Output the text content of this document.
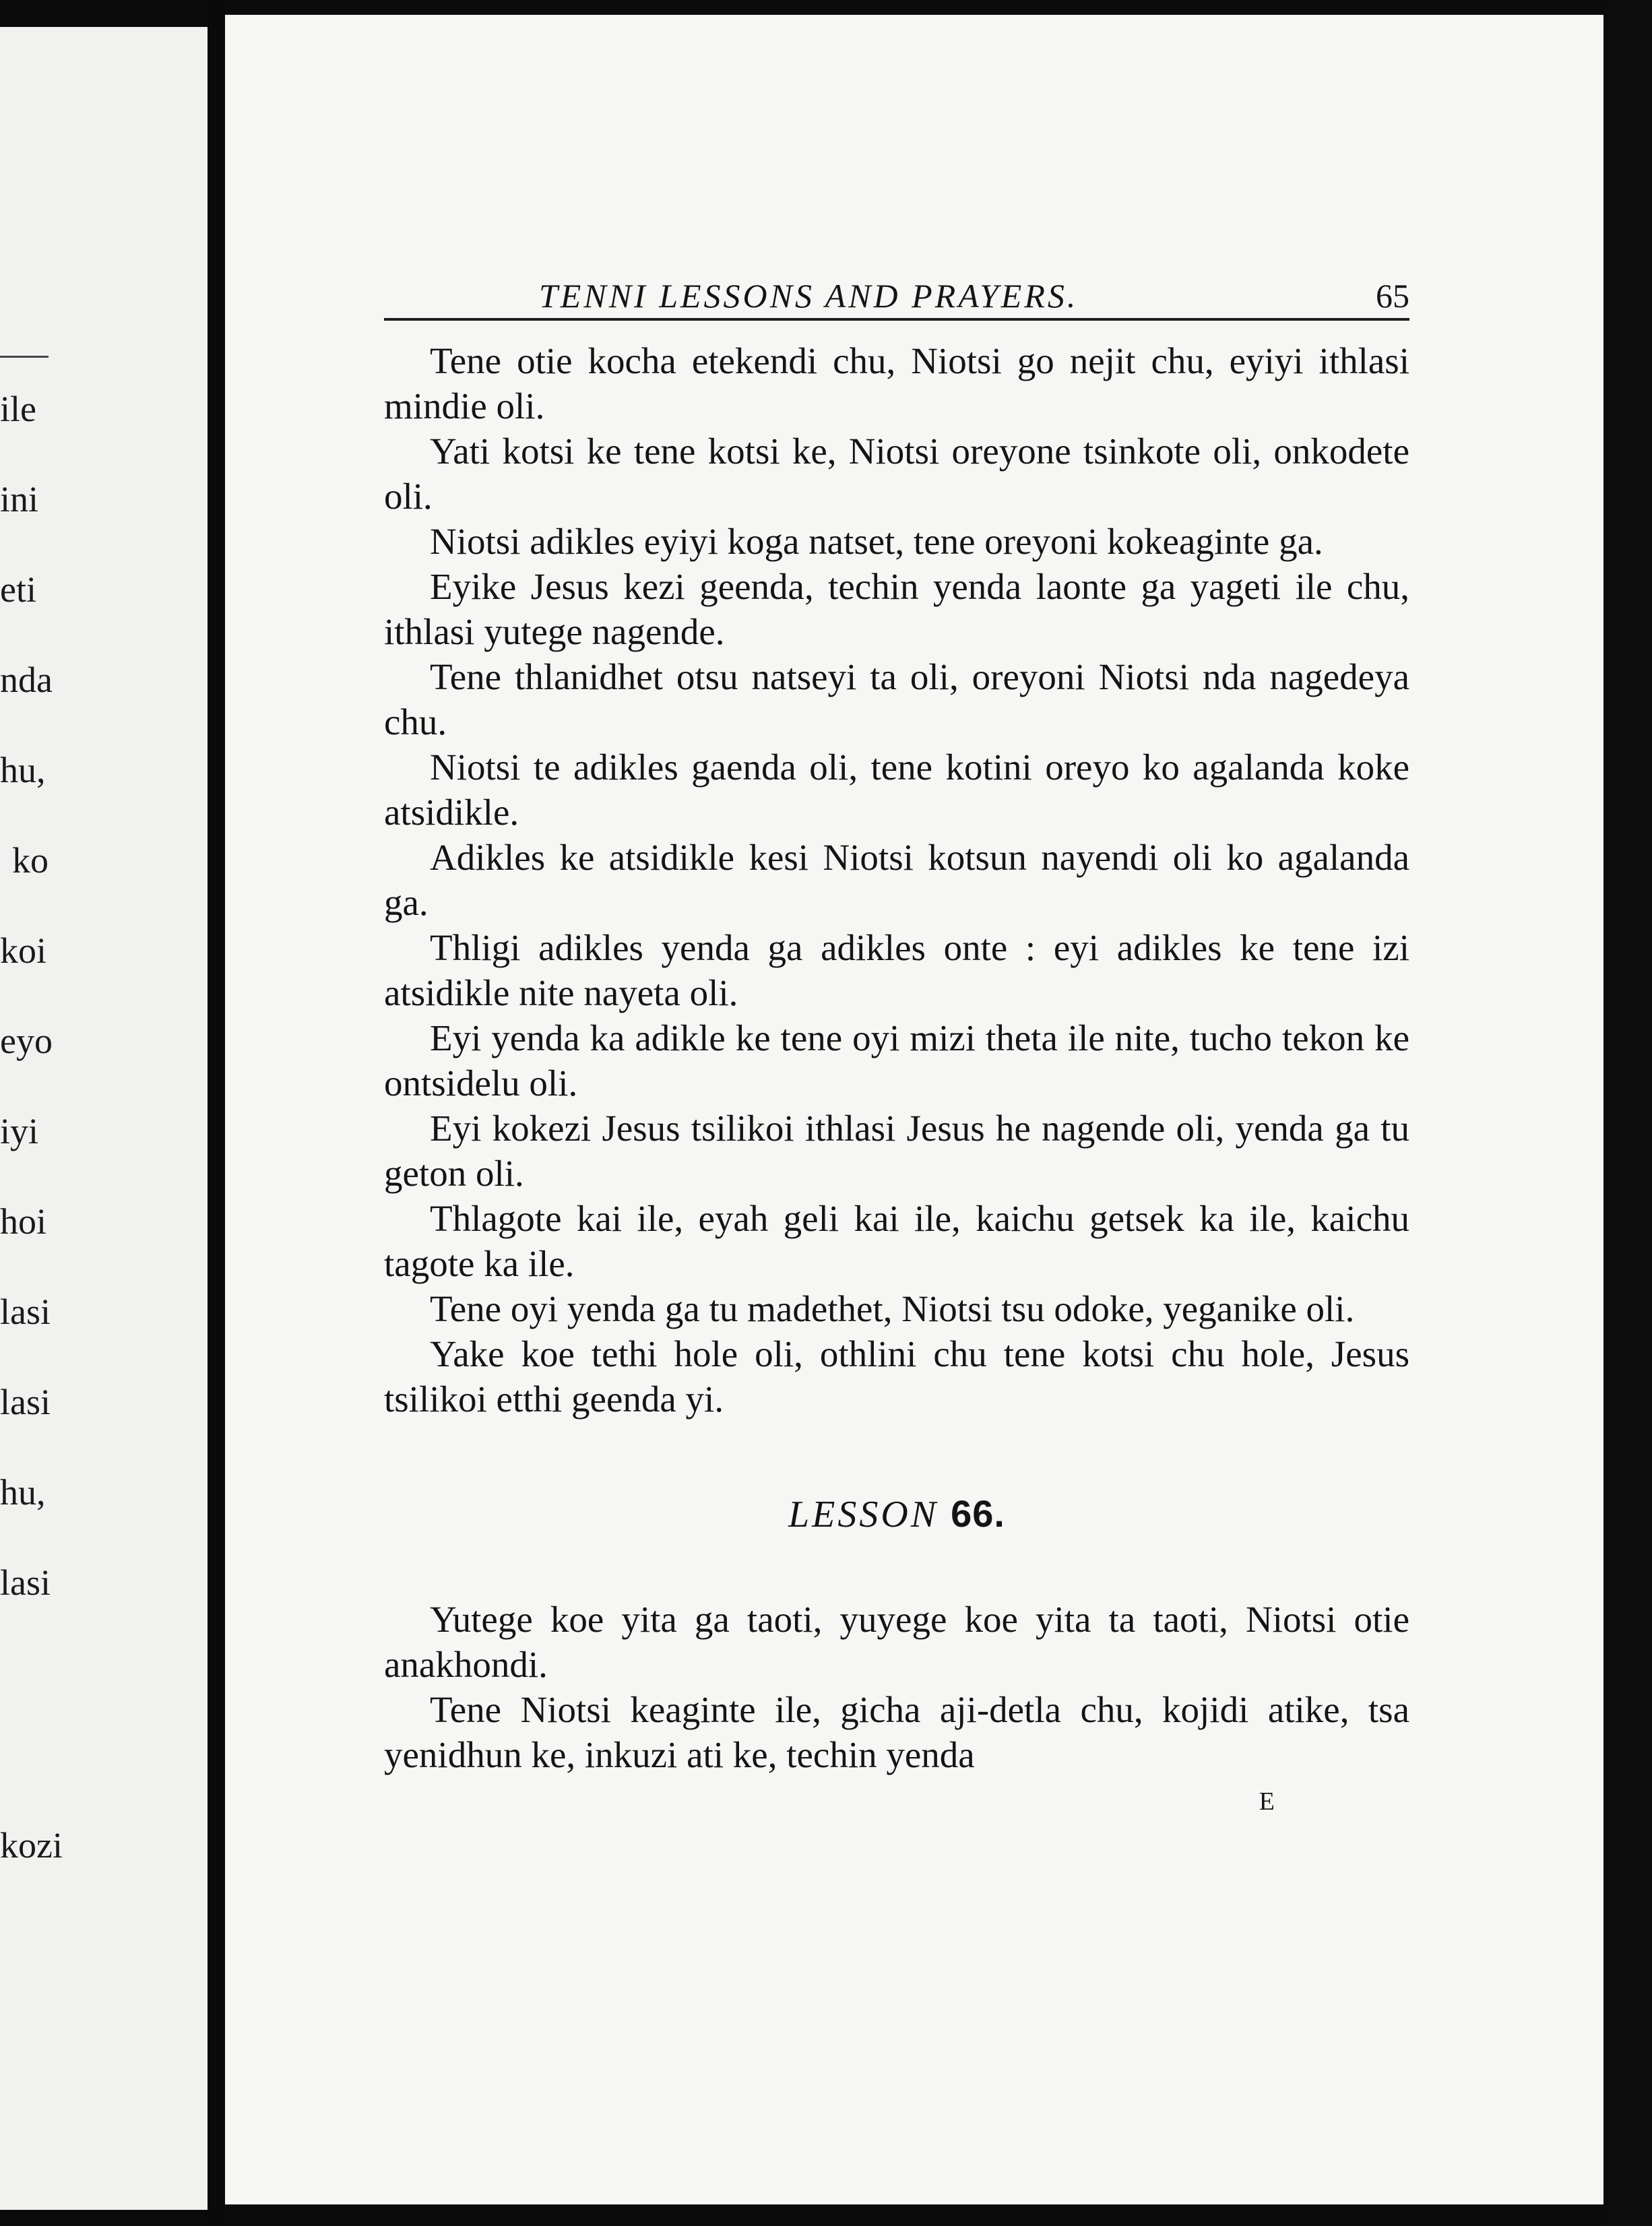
ile
ini
eti
nda
hu,
ko
koi
eyo
iyi
hoi
lasi
lasi
hu,
lasi
kozi
TENNI LESSONS AND PRAYERS.	65

Tene otie kocha etekendi chu, Niotsi go nejit chu, eyiyi ithlasi mindie oli.

Yati kotsi ke tene kotsi ke, Niotsi oreyone tsinkote oli, onkodete oli.

Niotsi adikles eyiyi koga natset, tene oreyoni kokeaginte ga.

Eyike Jesus kezi geenda, techin yenda laonte ga yageti ile chu, ithlasi yutege nagende.

Tene thlanidhet otsu natseyi ta oli, oreyoni Niotsi nda nagedeya chu.

Niotsi te adikles gaenda oli, tene kotini oreyo ko agalanda koke atsidikle.

Adikles ke atsidikle kesi Niotsi kotsun nayendi oli ko agalanda ga.

Thligi adikles yenda ga adikles onte : eyi adikles ke tene izi atsidikle nite nayeta oli.

Eyi yenda ka adikle ke tene oyi mizi theta ile nite, tucho tekon ke ontsidelu oli.

Eyi kokezi Jesus tsilikoi ithlasi Jesus he nagende oli, yenda ga tu geton oli.

Thlagote kai ile, eyah geli kai ile, kaichu getsek ka ile, kaichu tagote ka ile.

Tene oyi yenda ga tu madethet, Niotsi tsu odoke, yeganike oli.

Yake koe tethi hole oli, othlini chu tene kotsi chu hole, Jesus tsilikoi etthi geenda yi.

LESSON 66.

Yutege koe yita ga taoti, yuyege koe yita ta taoti, Niotsi otie anakhondi.

Tene Niotsi keaginte ile, gicha aji-detla chu, kojidi atike, tsa yenidhun ke, inkuzi ati ke, techin yenda

E
